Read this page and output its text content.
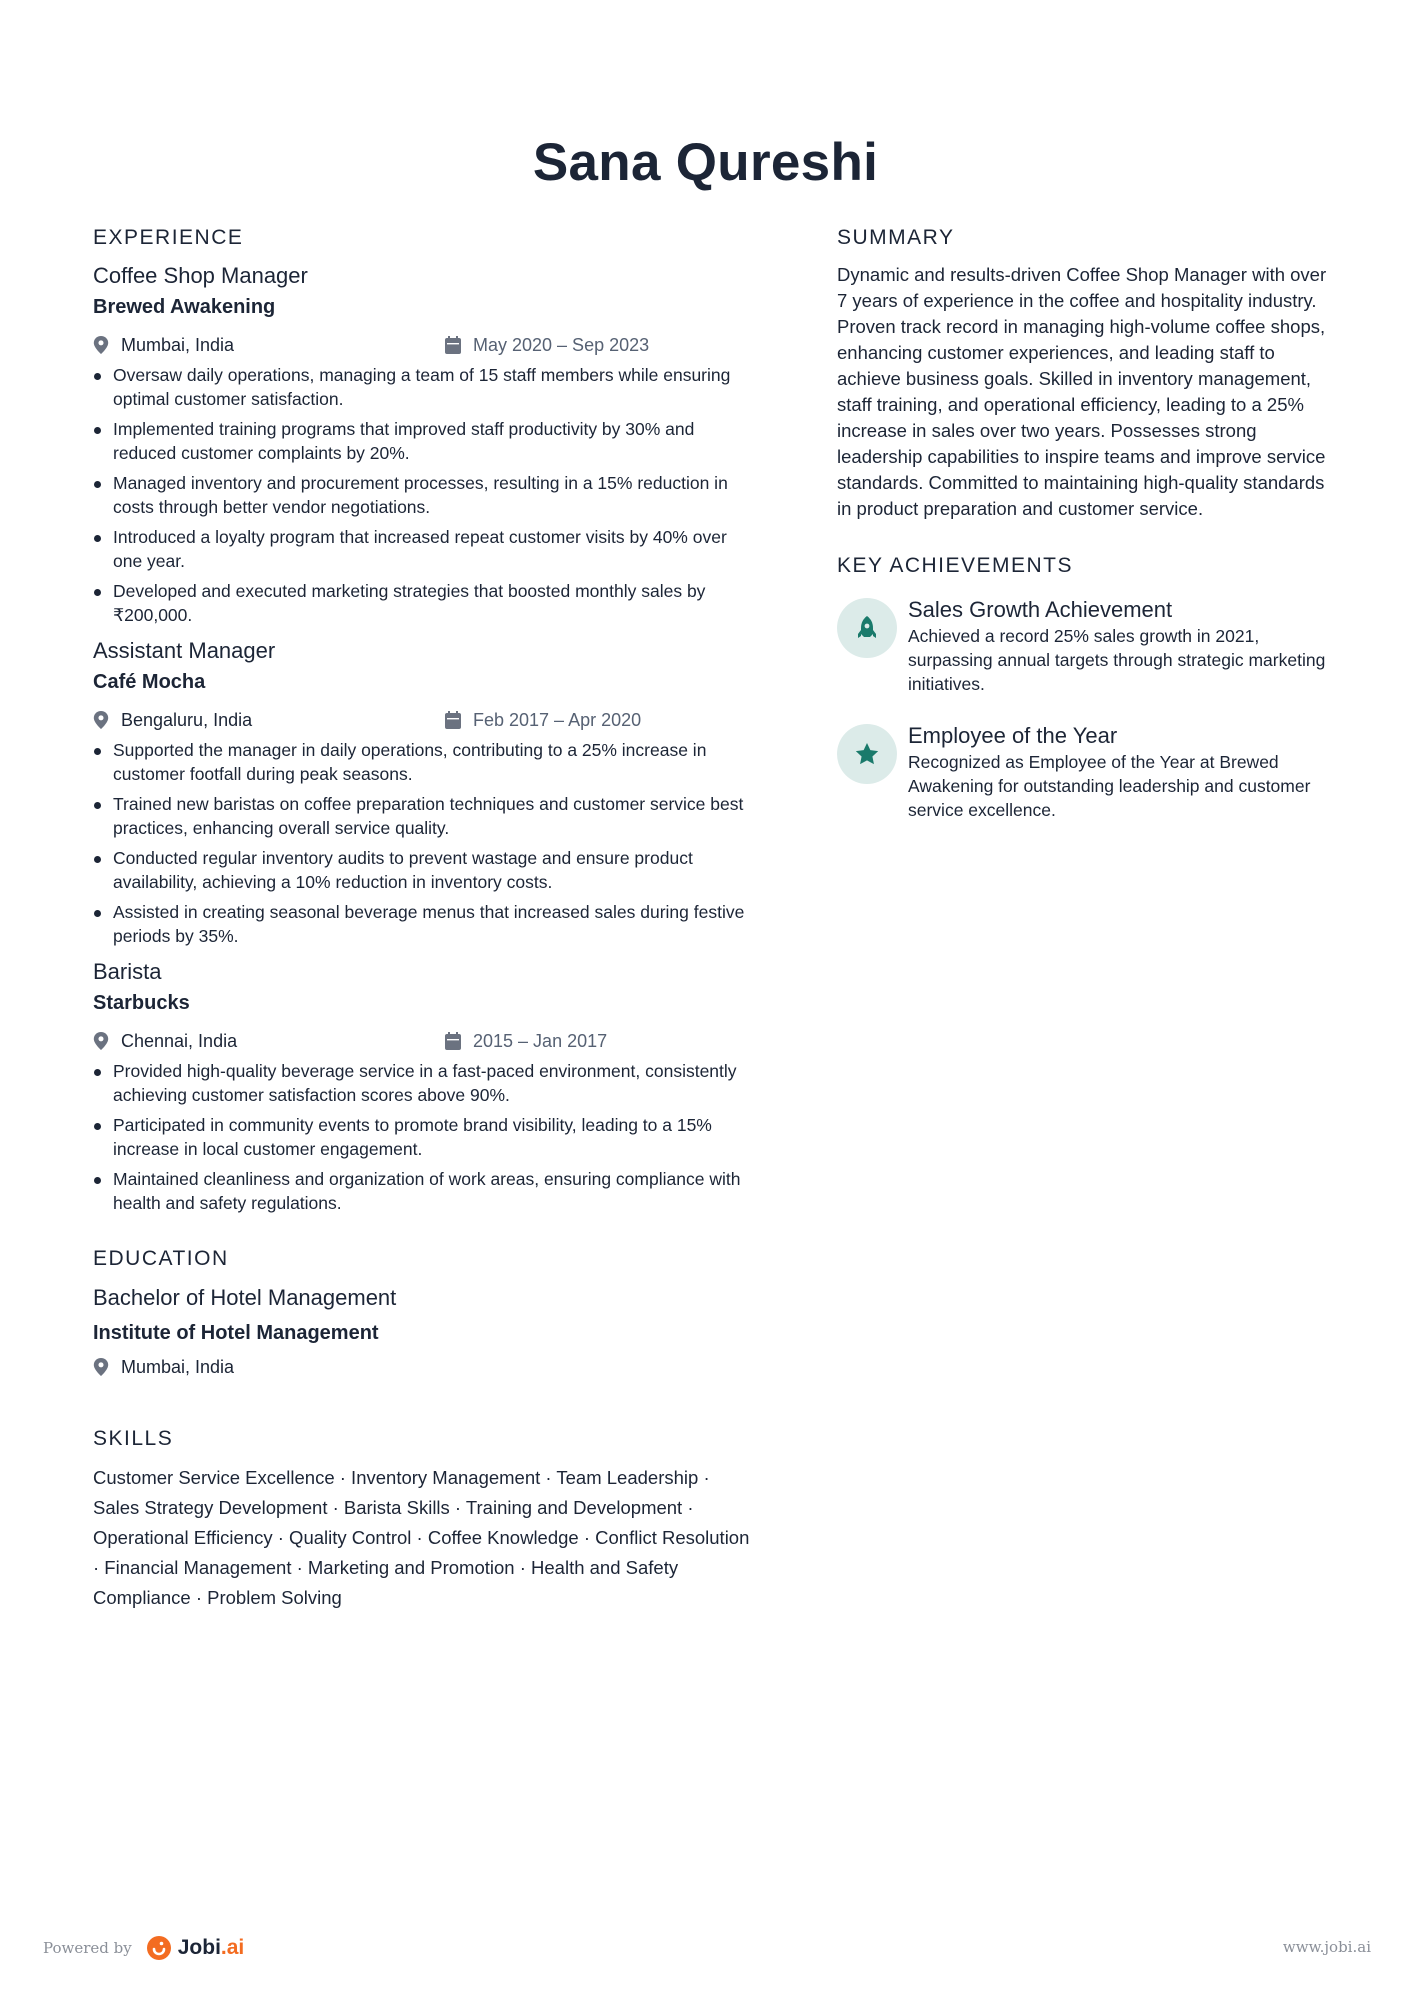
Sana Qureshi
EXPERIENCE
Coffee Shop Manager
Brewed Awakening
Mumbai, India	May 2020 – Sep 2023
Oversaw daily operations, managing a team of 15 staff members while ensuring optimal customer satisfaction.
Implemented training programs that improved staff productivity by 30% and reduced customer complaints by 20%.
Managed inventory and procurement processes, resulting in a 15% reduction in costs through better vendor negotiations.
Introduced a loyalty program that increased repeat customer visits by 40% over one year.
Developed and executed marketing strategies that boosted monthly sales by ₹200,000.
Assistant Manager
Café Mocha
Bengaluru, India	Feb 2017 – Apr 2020
Supported the manager in daily operations, contributing to a 25% increase in customer footfall during peak seasons.
Trained new baristas on coffee preparation techniques and customer service best practices, enhancing overall service quality.
Conducted regular inventory audits to prevent wastage and ensure product availability, achieving a 10% reduction in inventory costs.
Assisted in creating seasonal beverage menus that increased sales during festive periods by 35%.
Barista
Starbucks
Chennai, India	2015 – Jan 2017
Provided high-quality beverage service in a fast-paced environment, consistently achieving customer satisfaction scores above 90%.
Participated in community events to promote brand visibility, leading to a 15% increase in local customer engagement.
Maintained cleanliness and organization of work areas, ensuring compliance with health and safety regulations.
EDUCATION
Bachelor of Hotel Management
Institute of Hotel Management
Mumbai, India
SKILLS

Customer Service Excellence · Inventory Management · Team Leadership · Sales Strategy Development · Barista Skills · Training and Development · Operational Efficiency · Quality Control · Coffee Knowledge · Conflict Resolution · Financial Management · Marketing and Promotion · Health and Safety Compliance · Problem Solving

SUMMARY

Dynamic and results-driven Coffee Shop Manager with over 7 years of experience in the coffee and hospitality industry. Proven track record in managing high-volume coffee shops, enhancing customer experiences, and leading staff to achieve business goals. Skilled in inventory management, staff training, and operational efficiency, leading to a 25% increase in sales over two years. Possesses strong leadership capabilities to inspire teams and improve service standards. Committed to maintaining high-quality standards in product preparation and customer service.

KEY ACHIEVEMENTS
Sales Growth Achievement
Achieved a record 25% sales growth in 2021, surpassing annual targets through strategic marketing initiatives.
Employee of the Year
Recognized as Employee of the Year at Brewed Awakening for outstanding leadership and customer service excellence.
Powered by Jobi.ai	www.jobi.ai
